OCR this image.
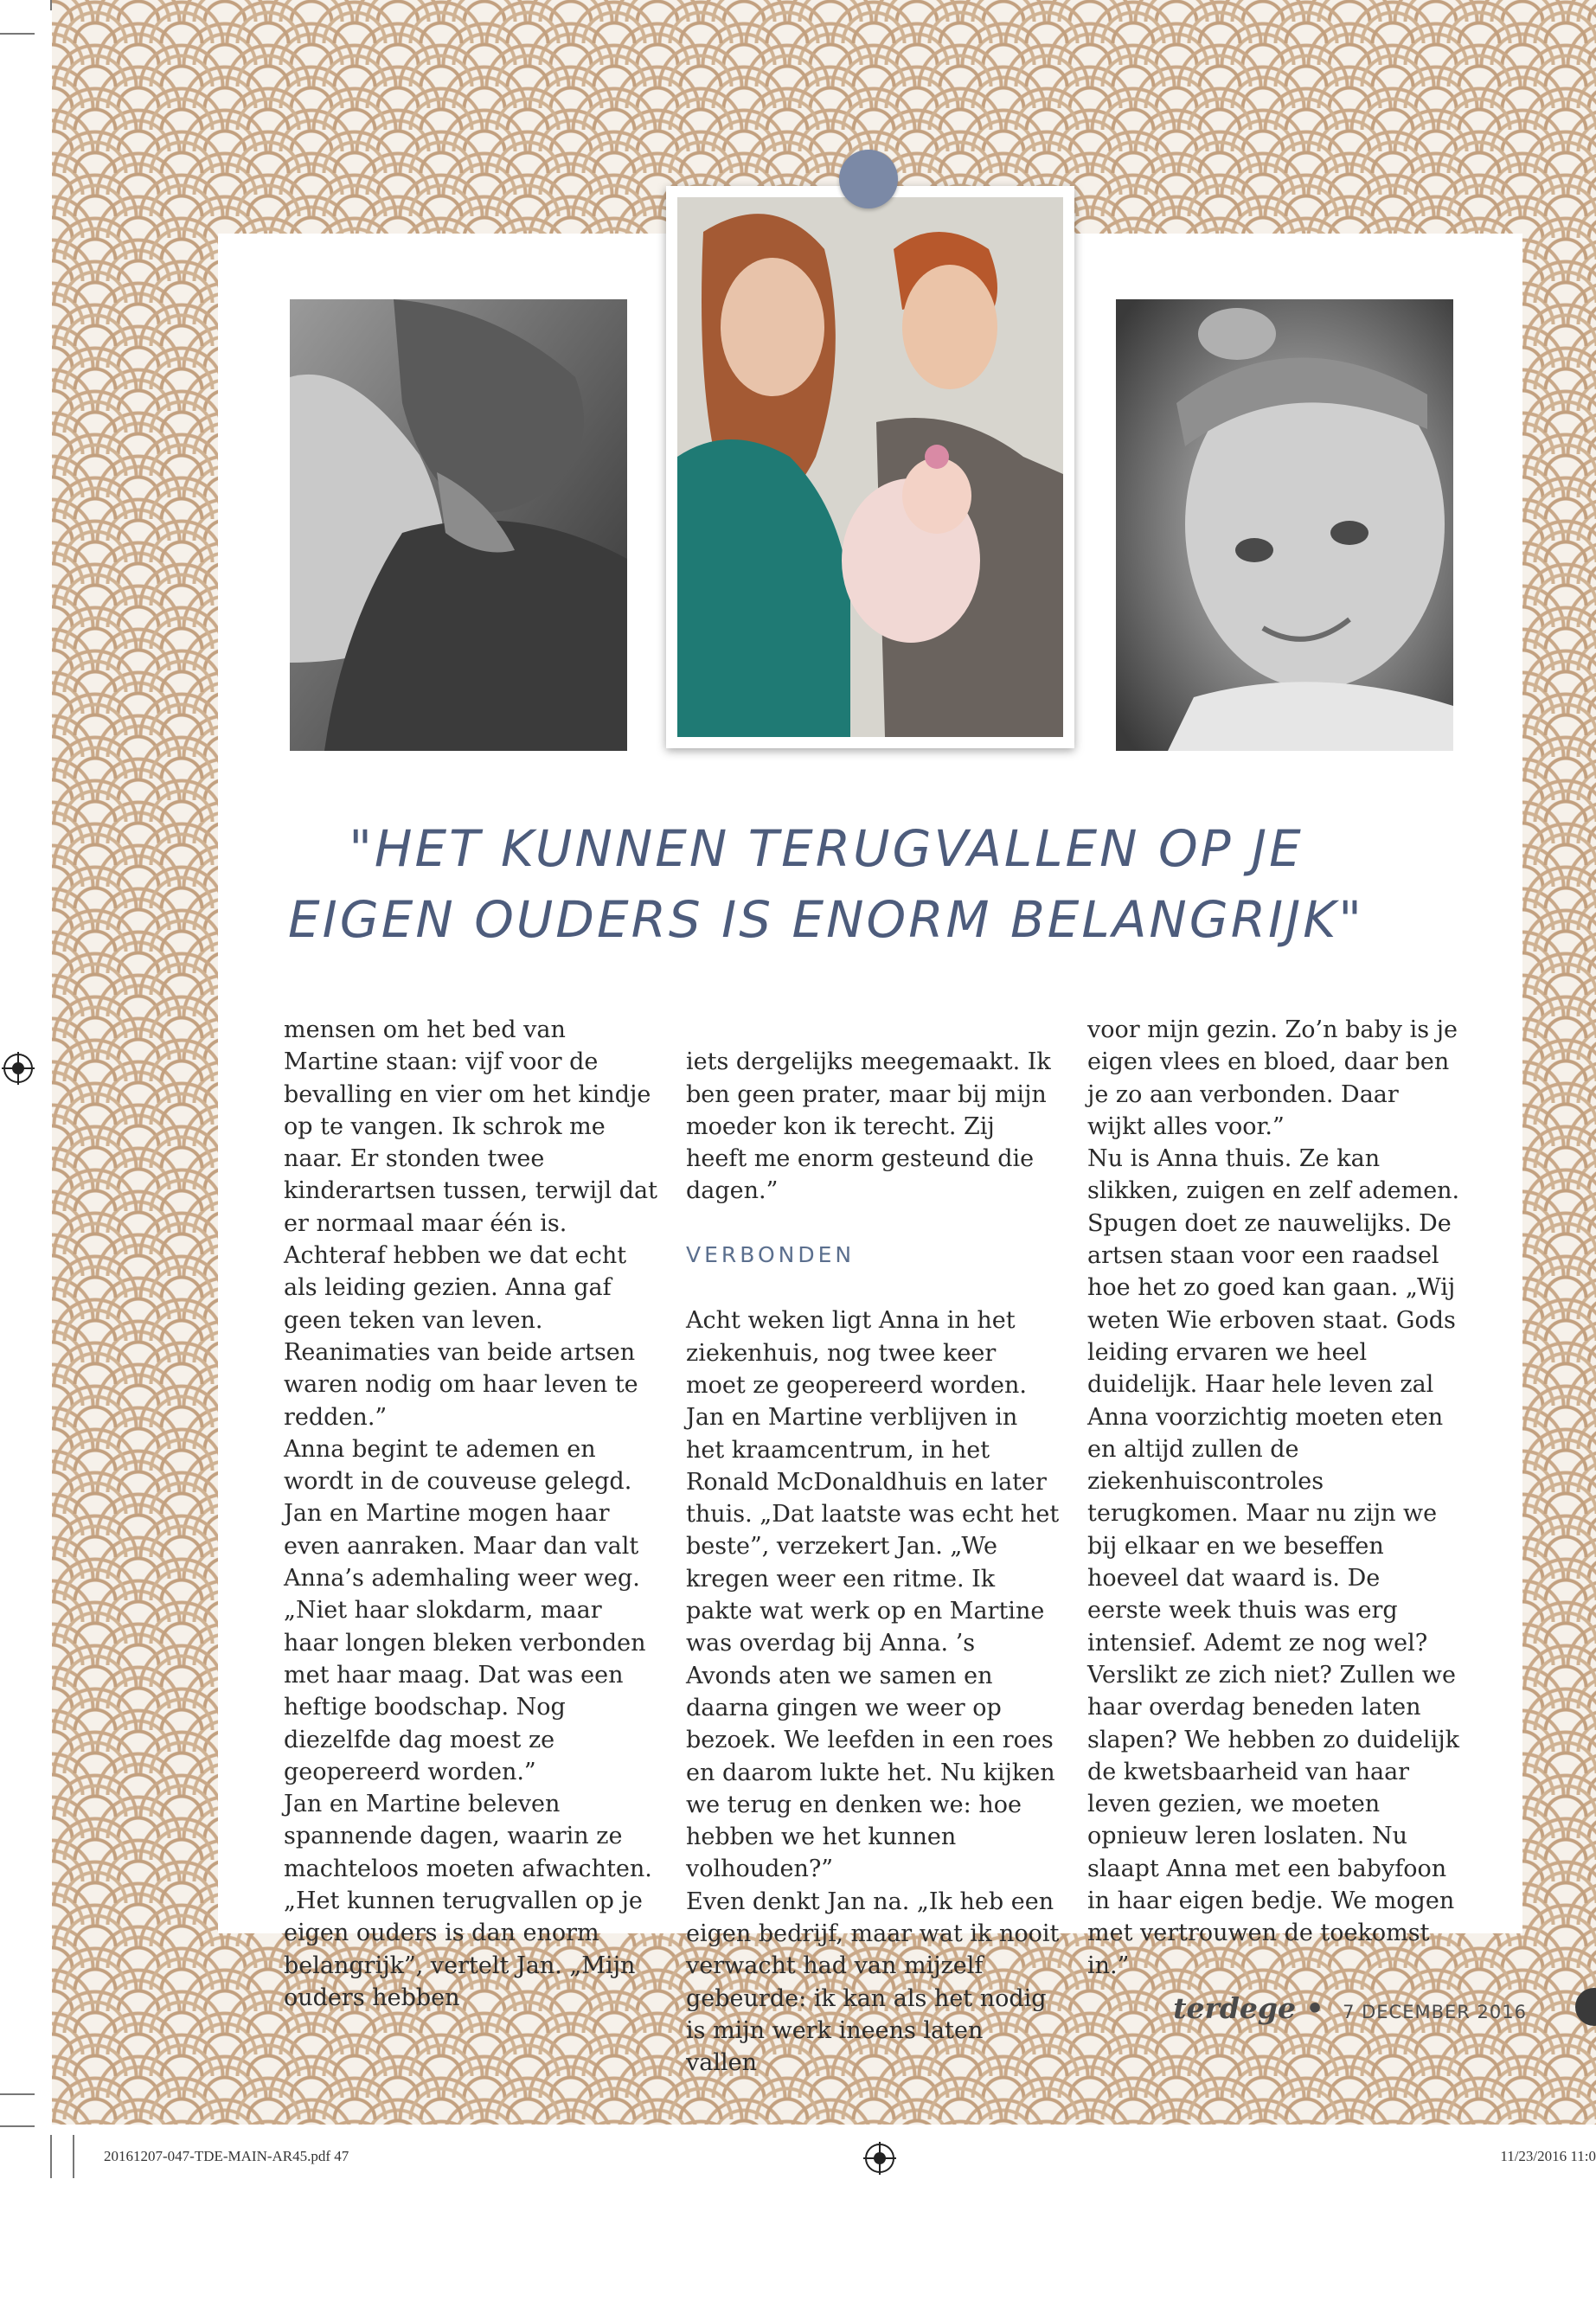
"HET KUNNEN TERUGVALLEN OP JE
EIGEN OUDERS IS ENORM BELANGRIJK"
mensen om het bed van Martine staan: vijf voor de bevalling en vier om het kindje op te vangen. Ik schrok me naar. Er stonden twee kinderartsen tussen, terwijl dat er normaal maar één is. Achteraf hebben we dat echt als leiding gezien. Anna gaf geen teken van leven. Reanimaties van beide artsen waren nodig om haar leven te redden.”
Anna begint te ademen en wordt in de couveuse gelegd. Jan en Martine mogen haar even aanraken. Maar dan valt Anna’s ademhaling weer weg. „Niet haar slokdarm, maar haar longen bleken verbonden met haar maag. Dat was een heftige boodschap. Nog diezelfde dag moest ze geopereerd worden.”
Jan en Martine beleven spannende dagen, waarin ze machteloos moeten afwachten. „Het kunnen terugvallen op je eigen ouders is dan enorm belangrijk”, vertelt Jan. „Mijn ouders hebben

iets dergelijks meegemaakt. Ik ben geen prater, maar bij mijn moeder kon ik terecht. Zij heeft me enorm gesteund die dagen.”

VERBONDEN

Acht weken ligt Anna in het ziekenhuis, nog twee keer moet ze geopereerd worden. Jan en Martine verblijven in het kraamcentrum, in het Ronald McDonaldhuis en later thuis. „Dat laatste was echt het beste”, verzekert Jan. „We kregen weer een ritme. Ik pakte wat werk op en Martine was overdag bij Anna. ’s Avonds aten we samen en daarna gingen we weer op bezoek. We leefden in een roes en daarom lukte het. Nu kijken we terug en denken we: hoe hebben we het kunnen volhouden?”
Even denkt Jan na. „Ik heb een eigen bedrijf, maar wat ik nooit verwacht had van mijzelf gebeurde: ik kan als het nodig is mijn werk ineens laten vallen

voor mijn gezin. Zo’n baby is je eigen vlees en bloed, daar ben je zo aan verbonden. Daar wijkt alles voor.”
Nu is Anna thuis. Ze kan slikken, zuigen en zelf ademen. Spugen doet ze nauwelijks. De artsen staan voor een raadsel hoe het zo goed kan gaan. „Wij weten Wie erboven staat. Gods leiding ervaren we heel duidelijk. Haar hele leven zal Anna voorzichtig moeten eten en altijd zullen de ziekenhuiscontroles terugkomen. Maar nu zijn we bij elkaar en we beseffen hoeveel dat waard is. De eerste week thuis was erg intensief. Ademt ze nog wel? Verslikt ze zich niet? Zullen we haar overdag beneden laten slapen? We hebben zo duidelijk de kwetsbaarheid van haar leven gezien, we moeten opnieuw leren loslaten. Nu slaapt Anna met een babyfoon in haar eigen bedje. We mogen met vertrouwen de toekomst in.”
terdege • 7 DECEMBER 2016
20161207-047-TDE-MAIN-AR45.pdf 47	11/23/2016 11:0
